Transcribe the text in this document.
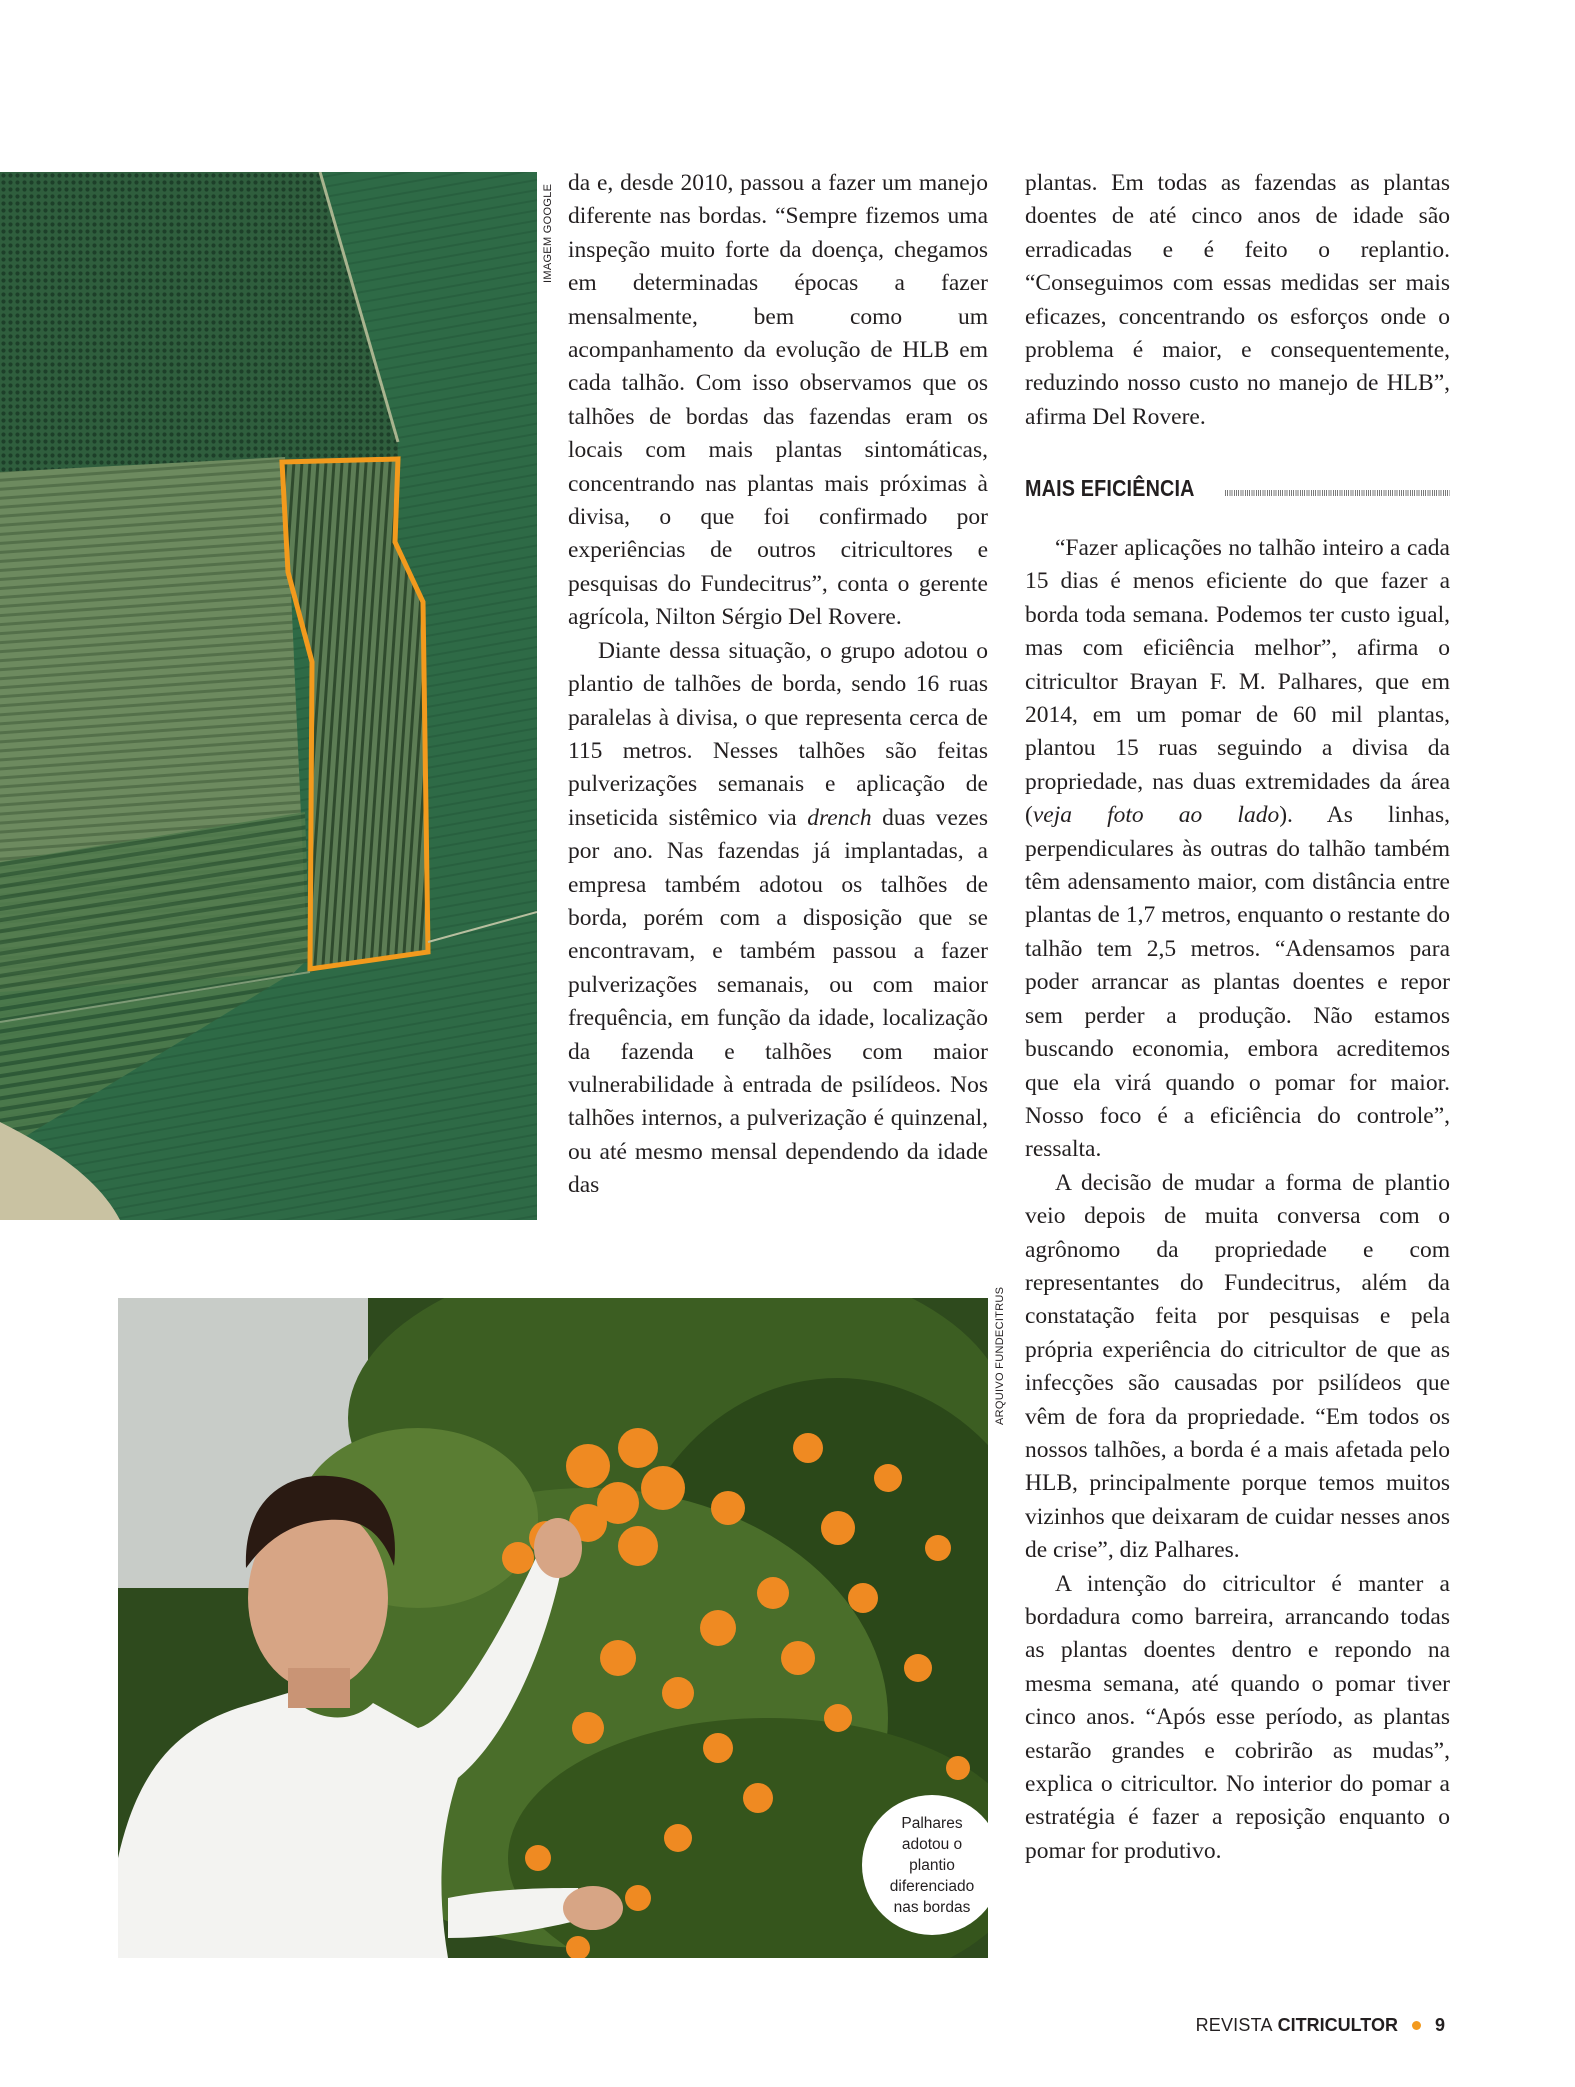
IMAGEM GOOGLE

da e, desde 2010, passou a fazer um manejo diferente nas bordas. “Sempre fizemos uma inspeção muito forte da doença, chegamos em determinadas épocas a fazer mensalmente, bem como um acompanhamento da evolução de HLB em cada talhão. Com isso observamos que os talhões de bordas das fazendas eram os locais com mais plantas sintomáticas, concentrando nas plantas mais próximas à divisa, o que foi confirmado por experiências de outros citricultores e pesquisas do Fundecitrus”, conta o gerente agrícola, Nilton Sérgio Del Rovere.

Diante dessa situação, o grupo adotou o plantio de talhões de borda, sendo 16 ruas paralelas à divisa, o que representa cerca de 115 metros. Nesses talhões são feitas pulverizações semanais e aplicação de inseticida sistêmico via drench duas vezes por ano. Nas fazendas já implantadas, a empresa também adotou os talhões de borda, porém com a disposição que se encontravam, e também passou a fazer pulverizações semanais, ou com maior frequência, em função da idade, localização da fazenda e talhões com maior vulnerabilidade à entrada de psilídeos. Nos talhões internos, a pulverização é quinzenal, ou até mesmo mensal dependendo da idade das

plantas. Em todas as fazendas as plantas doentes de até cinco anos de idade são erradicadas e é feito o replantio. “Conseguimos com essas medidas ser mais eficazes, concentrando os esforços onde o problema é maior, e consequentemente, reduzindo nosso custo no manejo de HLB”, afirma Del Rovere.

MAIS EFICIÊNCIA

“Fazer aplicações no talhão inteiro a cada 15 dias é menos eficiente do que fazer a borda toda semana. Podemos ter custo igual, mas com eficiência melhor”, afirma o citricultor Brayan F. M. Palhares, que em 2014, em um pomar de 60 mil plantas, plantou 15 ruas seguindo a divisa da propriedade, nas duas extremidades da área (veja foto ao lado). As linhas, perpendiculares às outras do talhão também têm adensamento maior, com distância entre plantas de 1,7 metros, enquanto o restante do talhão tem 2,5 metros. “Adensamos para poder arrancar as plantas doentes e repor sem perder a produção. Não estamos buscando economia, embora acreditemos que ela virá quando o pomar for maior. Nosso foco é a eficiência do controle”, ressalta.

A decisão de mudar a forma de plantio veio depois de muita conversa com o agrônomo da propriedade e com representantes do Fundecitrus, além da constatação feita por pesquisas e pela própria experiência do citricultor de que as infecções são causadas por psilídeos que vêm de fora da propriedade. “Em todos os nossos talhões, a borda é a mais afetada pelo HLB, principalmente porque temos muitos vizinhos que deixaram de cuidar nesses anos de crise”, diz Palhares.

A intenção do citricultor é manter a bordadura como barreira, arrancando todas as plantas doentes dentro e repondo na mesma semana, até quando o pomar tiver cinco anos. “Após esse período, as plantas estarão grandes e cobrirão as mudas”, explica o citricultor. No interior do pomar a estratégia é fazer a reposição enquanto o pomar for produtivo.

ARQUIVO FUNDECITRUS
Palhares adotou o plantio diferenciado nas bordas
REVISTA CITRICULTOR 9
